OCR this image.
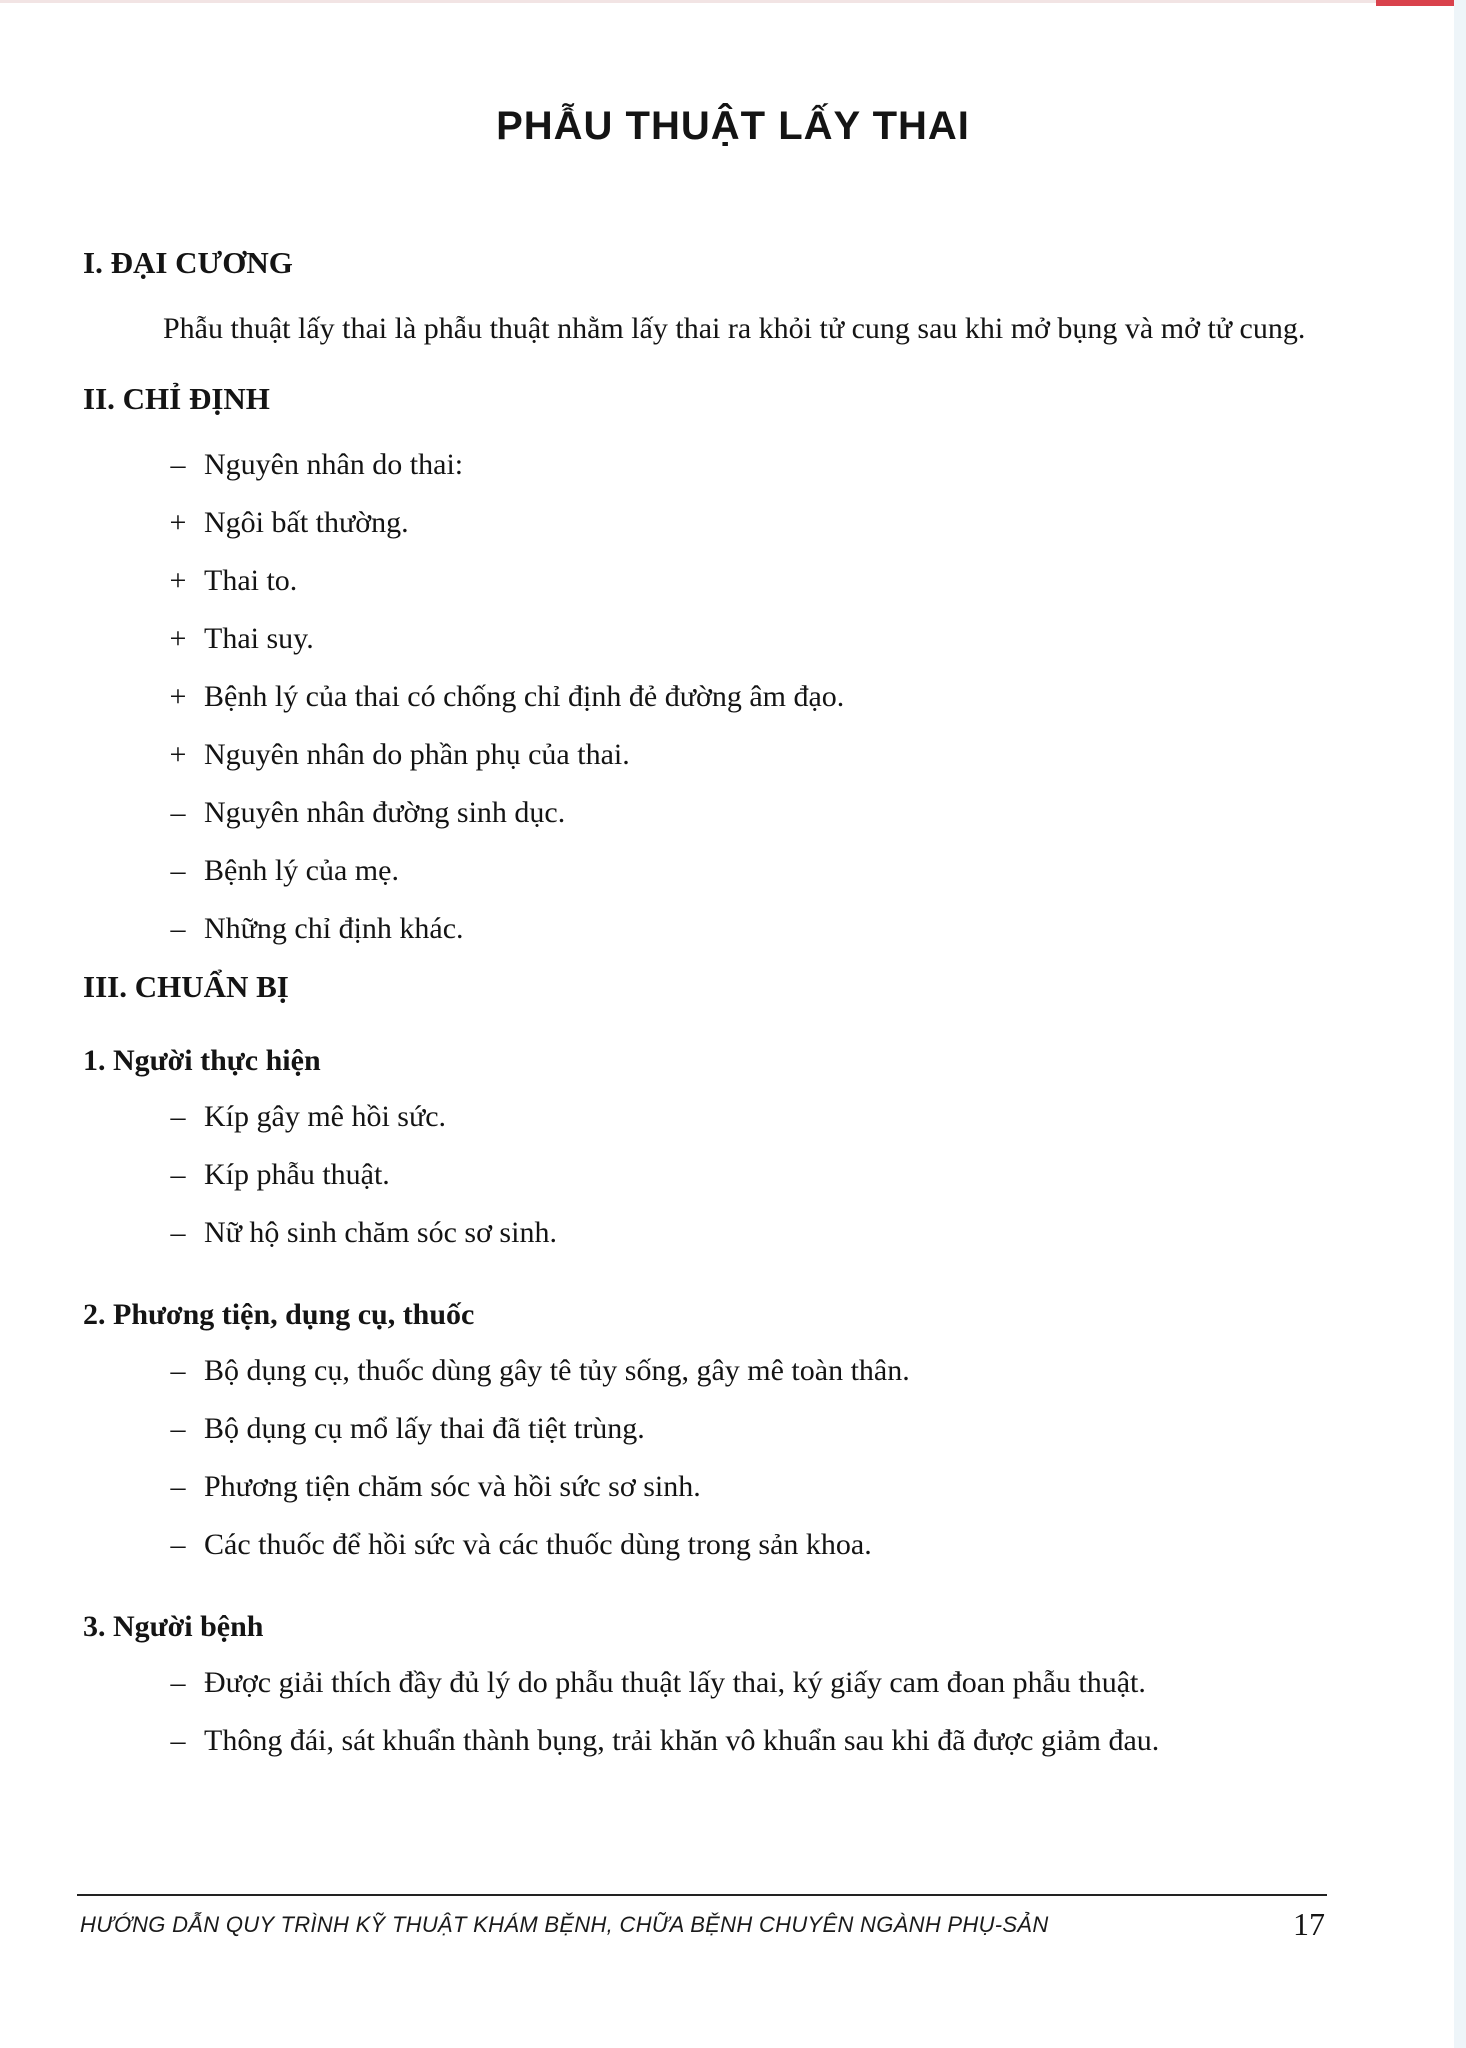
PHẪU THUẬT LẤY THAI
I. ĐẠI CƯƠNG

Phẫu thuật lấy thai là phẫu thuật nhằm lấy thai ra khỏi tử cung sau khi mở bụng và mở tử cung.

II. CHỈ ĐỊNH
– Nguyên nhân do thai:
+ Ngôi bất thường.
+ Thai to.
+ Thai suy.
+ Bệnh lý của thai có chống chỉ định đẻ đường âm đạo.
+ Nguyên nhân do phần phụ của thai.
– Nguyên nhân đường sinh dục.
– Bệnh lý của mẹ.
– Những chỉ định khác.
III. CHUẨN BỊ
1. Người thực hiện
– Kíp gây mê hồi sức.
– Kíp phẫu thuật.
– Nữ hộ sinh chăm sóc sơ sinh.
2. Phương tiện, dụng cụ, thuốc
– Bộ dụng cụ, thuốc dùng gây tê tủy sống, gây mê toàn thân.
– Bộ dụng cụ mổ lấy thai đã tiệt trùng.
– Phương tiện chăm sóc và hồi sức sơ sinh.
– Các thuốc để hồi sức và các thuốc dùng trong sản khoa.
3. Người bệnh
– Được giải thích đầy đủ lý do phẫu thuật lấy thai, ký giấy cam đoan phẫu thuật.
– Thông đái, sát khuẩn thành bụng, trải khăn vô khuẩn sau khi đã được giảm đau.
HƯỚNG DẪN QUY TRÌNH KỸ THUẬT KHÁM BỆNH, CHỮA BỆNH CHUYÊN NGÀNH PHỤ-SẢN	17
